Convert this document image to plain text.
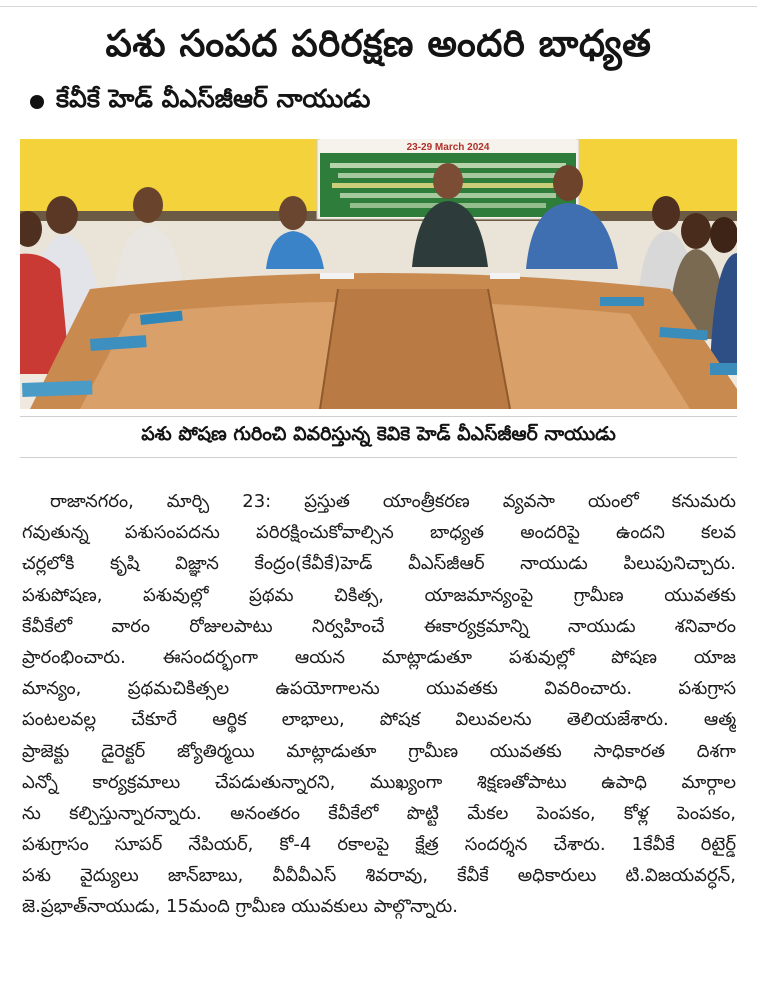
పశు సంపద పరిరక్షణ అందరి బాధ్యత
కేవీకే హెడ్ వీఎస్‌జీఆర్ నాయుడు
23-29 March 2024
పశు పోషణ గురించి వివరిస్తున్న కెవికె హెడ్ వీఎస్‌జీఆర్ నాయుడు
రాజానగరం, మార్చి 23: ప్రస్తుత యాంత్రీకరణ వ్యవసా యంలో కనుమరు
గవుతున్న పశుసంపదను పరిరక్షించుకోవాల్సిన బాధ్యత అందరిపై ఉందని కలవ
చర్లలోకి కృషి విజ్ఞాన కేంద్రం(కేవీకే)హెడ్ వీఎస్‌జీఆర్ నాయుడు పిలుపునిచ్చారు.
పశుపోషణ, పశువుల్లో ప్రథమ చికిత్స, యాజమాన్యంపై గ్రామీణ యువతకు
కేవీకేలో వారం రోజులపాటు నిర్వహించే ఈకార్యక్రమాన్ని నాయుడు శనివారం
ప్రారంభించారు. ఈసందర్భంగా ఆయన మాట్లాడుతూ పశువుల్లో పోషణ యాజ
మాన్యం, ప్రథమచికిత్సల ఉపయోగాలను యువతకు వివరించారు. పశుగ్రాస
పంటలవల్ల చేకూరే ఆర్థిక లాభాలు, పోషక విలువలను తెలియజేశారు. ఆత్మ
ప్రాజెక్టు డైరెక్టర్ జ్యోతిర్మయి మాట్లాడుతూ గ్రామీణ యువతకు సాధికారత దిశగా
ఎన్నో కార్యక్రమాలు చేపడుతున్నారని, ముఖ్యంగా శిక్షణతోపాటు ఉపాధి మార్గాల
ను కల్పిస్తున్నారన్నారు. అనంతరం కేవీకేలో పొట్టి మేకల పెంపకం, కోళ్ల పెంపకం,
పశుగ్రాసం సూపర్ నేపియర్, కో-4 రకాలపై క్షేత్ర సందర్శన చేశారు. 1కేవీకే రిటైర్డ్
పశు వైద్యులు జాన్‌బాబు, వీవీవీఎస్ శివరావు, కేవీకే అధికారులు టి.విజయవర్ధన్,
జె.ప్రభాత్‌నాయుడు, 15మంది గ్రామీణ యువకులు పాల్గొన్నారు.
